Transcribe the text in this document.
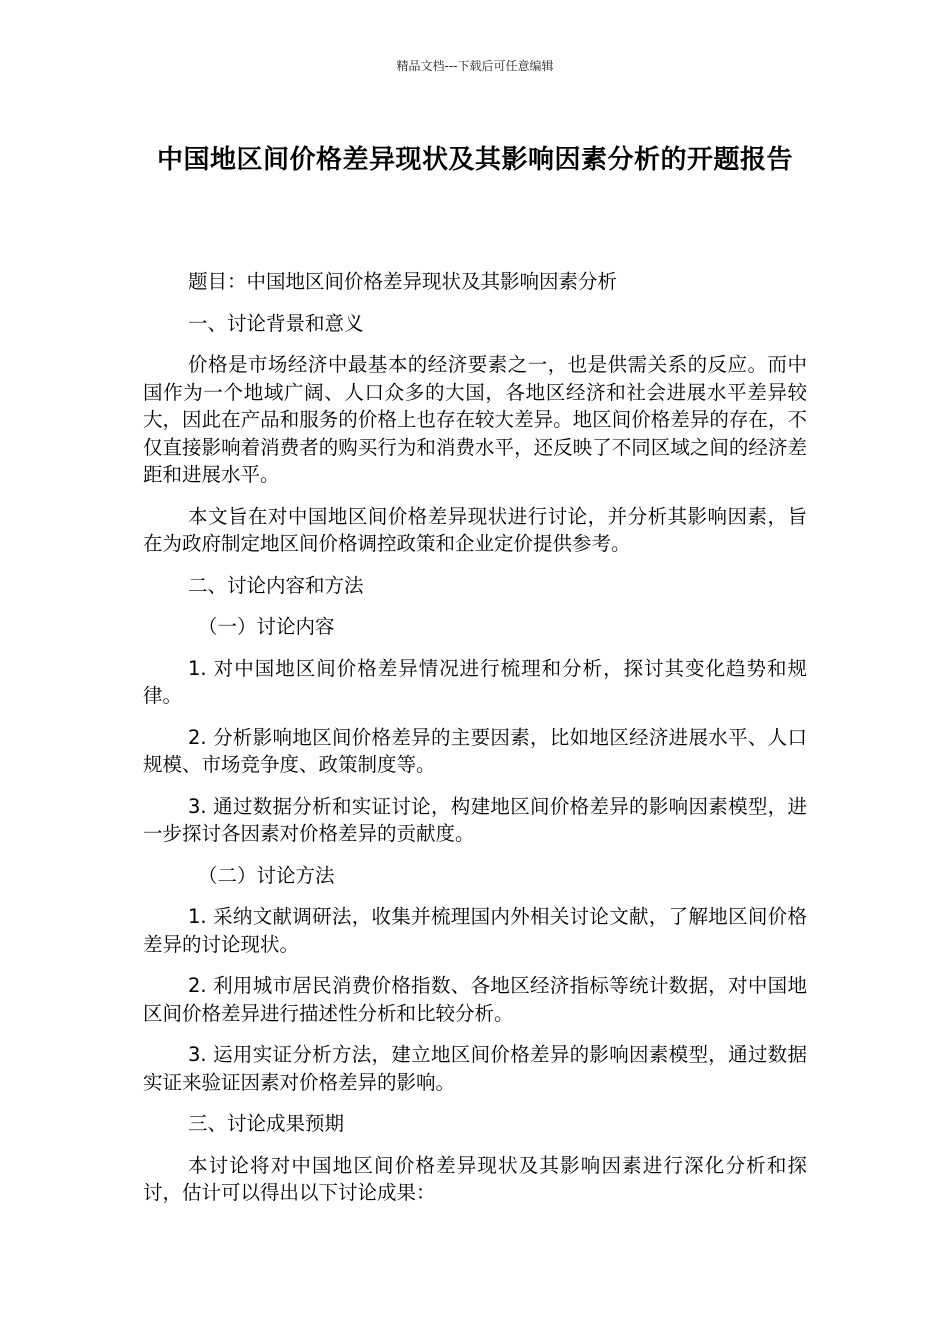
精品文档---下载后可任意编辑
中国地区间价格差异现状及其影响因素分析的开题报告

题目：中国地区间价格差异现状及其影响因素分析

一、讨论背景和意义

价格是市场经济中最基本的经济要素之一，也是供需关系的反应。而中国作为一个地域广阔、人口众多的大国，各地区经济和社会进展水平差异较大，因此在产品和服务的价格上也存在较大差异。地区间价格差异的存在，不仅直接影响着消费者的购买行为和消费水平，还反映了不同区域之间的经济差距和进展水平。

本文旨在对中国地区间价格差异现状进行讨论，并分析其影响因素，旨在为政府制定地区间价格调控政策和企业定价提供参考。

二、讨论内容和方法

（一）讨论内容

1. 对中国地区间价格差异情况进行梳理和分析，探讨其变化趋势和规律。

2. 分析影响地区间价格差异的主要因素，比如地区经济进展水平、人口规模、市场竞争度、政策制度等。

3. 通过数据分析和实证讨论，构建地区间价格差异的影响因素模型，进一步探讨各因素对价格差异的贡献度。

（二）讨论方法

1. 采纳文献调研法，收集并梳理国内外相关讨论文献，了解地区间价格差异的讨论现状。

2. 利用城市居民消费价格指数、各地区经济指标等统计数据，对中国地区间价格差异进行描述性分析和比较分析。

3. 运用实证分析方法，建立地区间价格差异的影响因素模型，通过数据实证来验证因素对价格差异的影响。

三、讨论成果预期

本讨论将对中国地区间价格差异现状及其影响因素进行深化分析和探讨，估计可以得出以下讨论成果：
